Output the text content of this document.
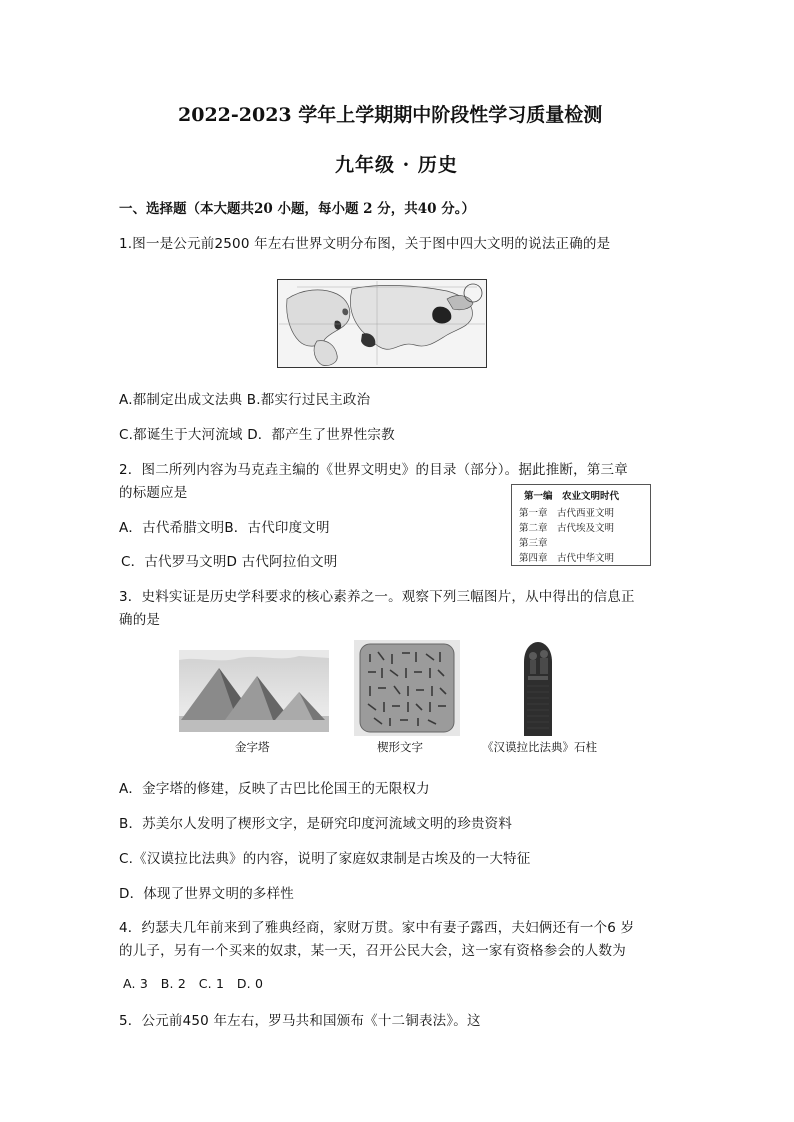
2022-2023 学年上学期期中阶段性学习质量检测
九年级 · 历史
一、选择题（本大题共20 小题，每小题 2 分，共40 分。）
1.图一是公元前2500 年左右世界文明分布图，关于图中四大文明的说法正确的是
A.都制定出成文法典 B.都实行过民主政治
C.都诞生于大河流域 D．都产生了世界性宗教
2．图二所列内容为马克垚主编的《世界文明史》的目录（部分）。据此推断，第三章
的标题应是
A．古代希腊文明B．古代印度文明
C．古代罗马文明D 古代阿拉伯文明
第一编　农业文明时代
第一章　古代西亚文明
第二章　古代埃及文明
第三章
第四章　古代中华文明
3．史料实证是历史学科要求的核心素养之一。观察下列三幅图片，从中得出的信息正
确的是
金字塔	楔形文字	《汉谟拉比法典》石柱
A．金字塔的修建，反映了古巴比伦国王的无限权力
B．苏美尔人发明了楔形文字，是研究印度河流域文明的珍贵资料
C.《汉谟拉比法典》的内容，说明了家庭奴隶制是古埃及的一大特征
D．体现了世界文明的多样性
4．约瑟夫几年前来到了雅典经商，家财万贯。家中有妻子露西，夫妇俩还有一个6 岁
的儿子，另有一个买来的奴隶，某一天，召开公民大会，这一家有资格参会的人数为
A. 3　B. 2　C. 1　D. 0
5．公元前450 年左右，罗马共和国颁布《十二铜表法》。这
